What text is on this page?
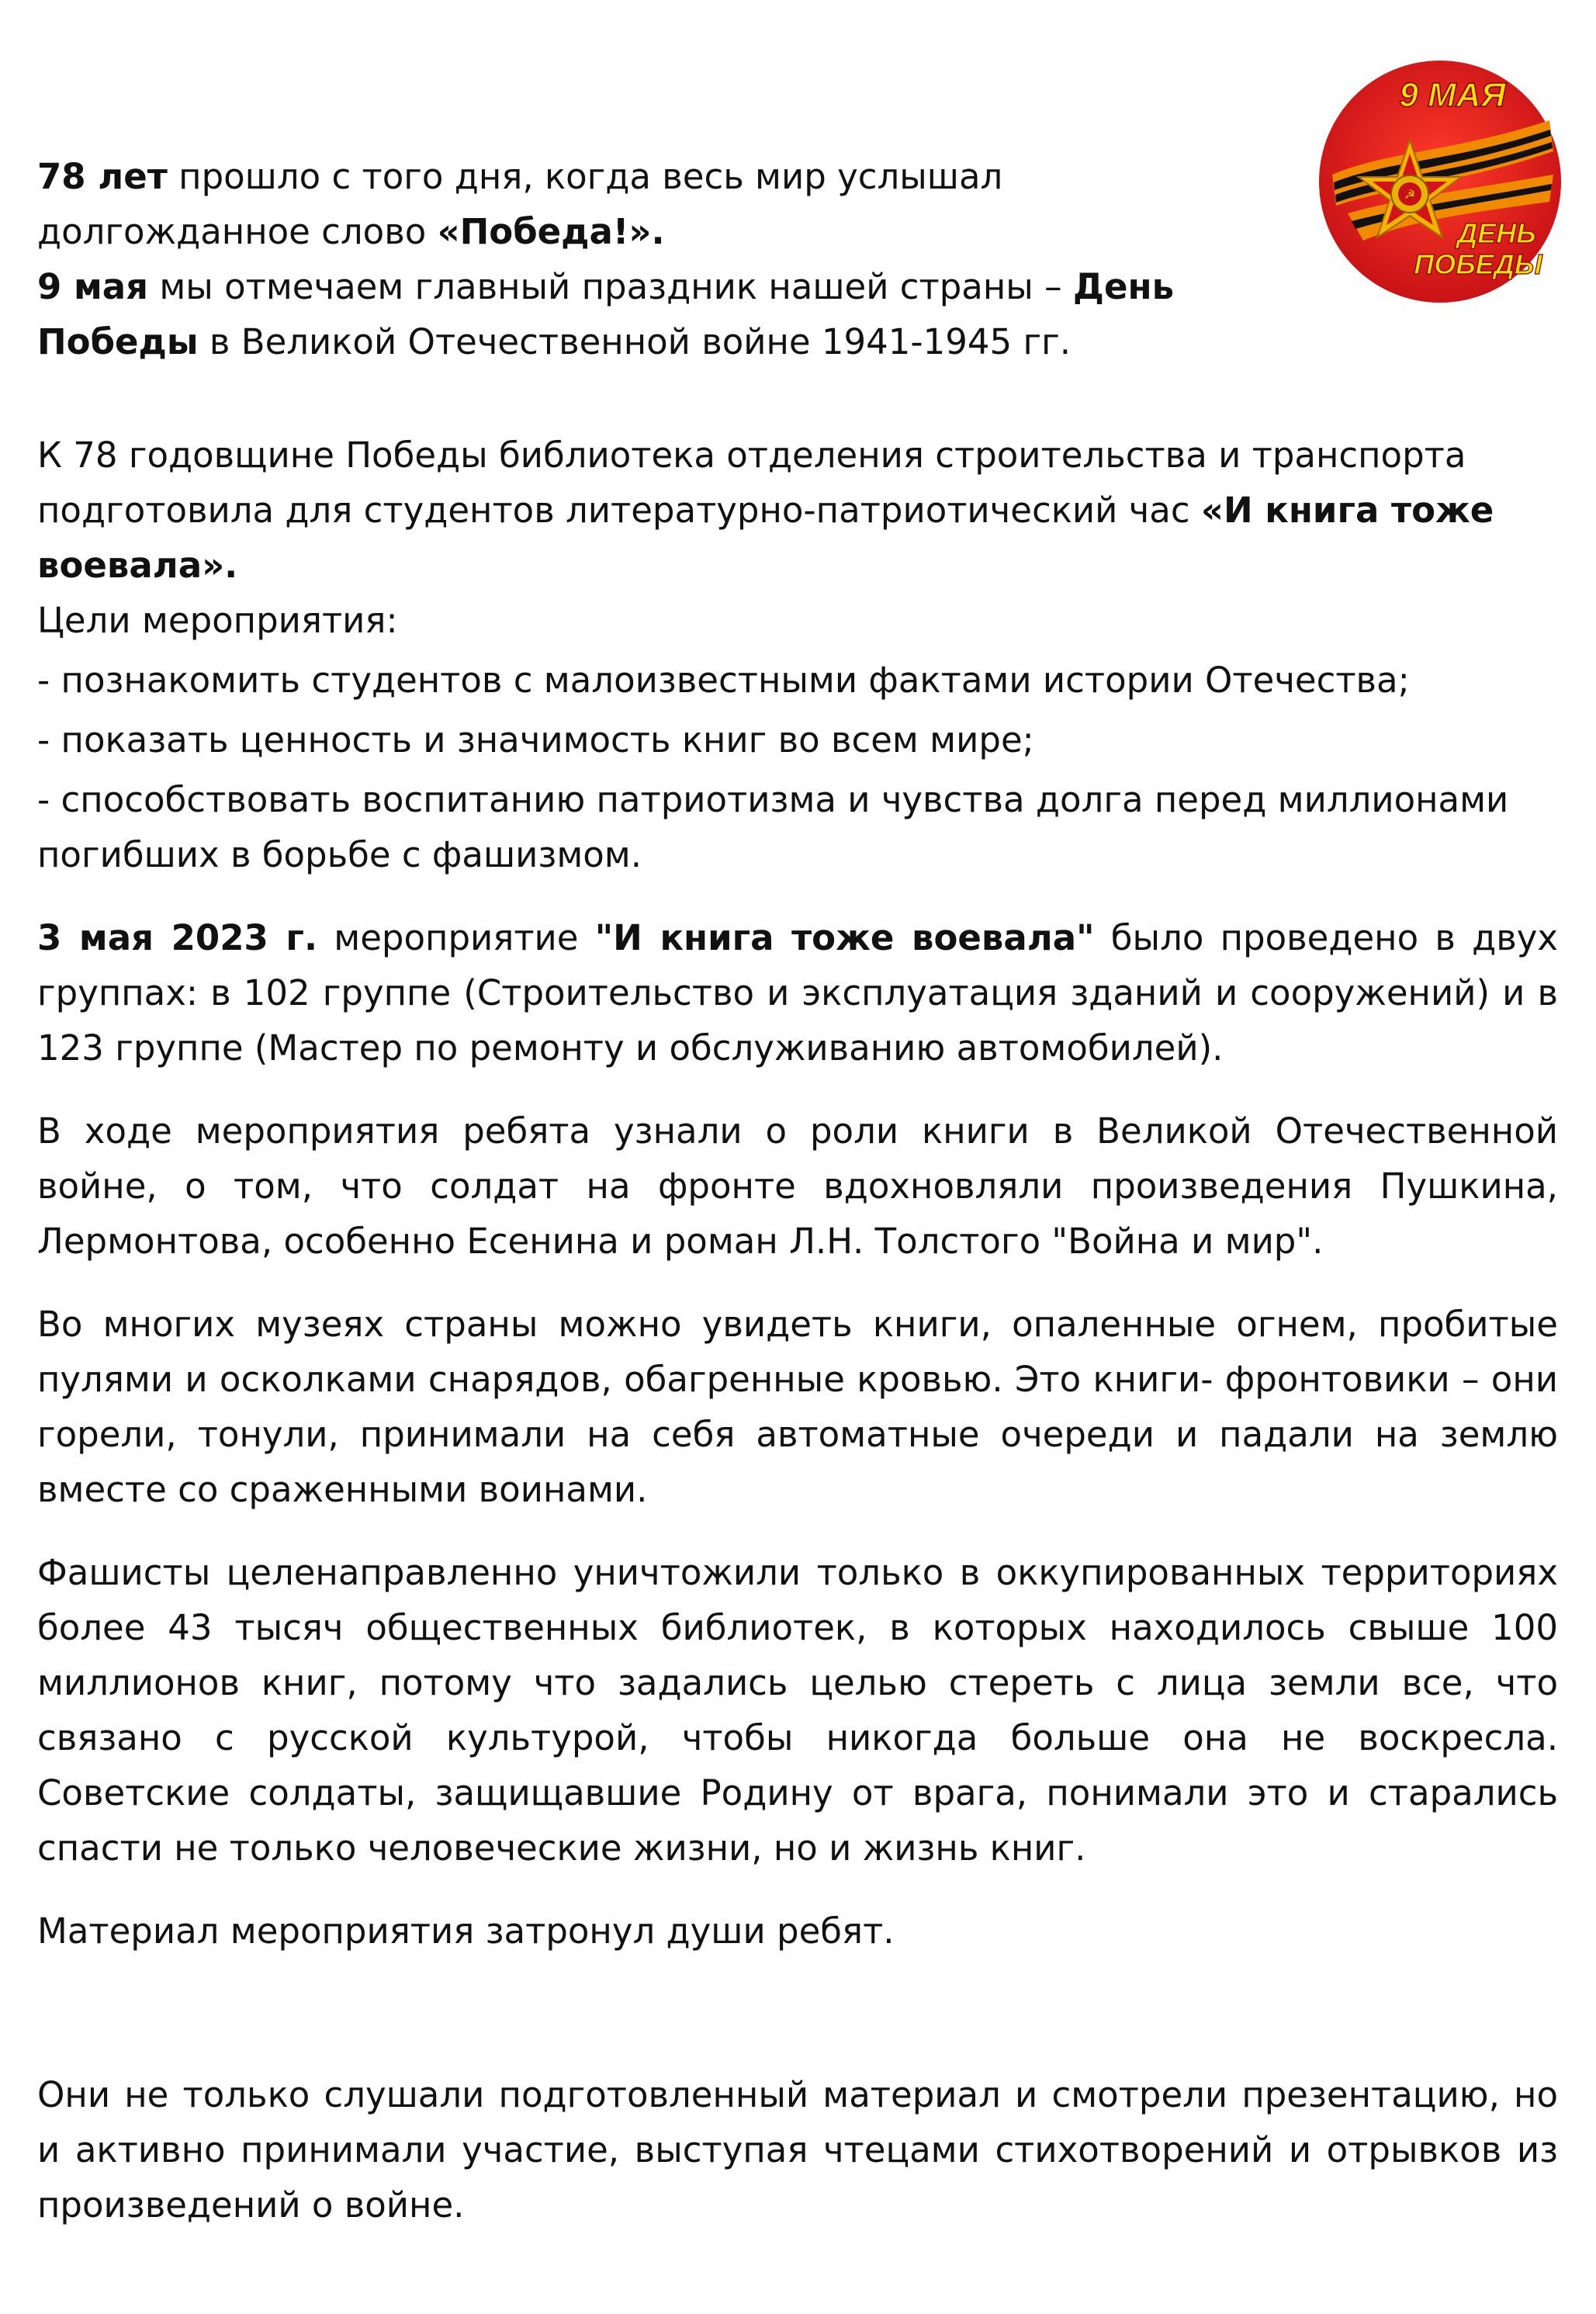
☭
9 МАЯ
ДЕНЬ
ПОБЕДЫ

78 лет прошло с того дня, когда весь мир услышал долгожданное слово «Победа!».

9 мая мы отмечаем главный праздник нашей страны – День Победы в Великой Отечественной войне 1941-1945 гг.

К 78 годовщине Победы библиотека отделения строительства и транспорта подготовила для студентов литературно-патриотический час «И книга тоже воевала».

Цели мероприятия:

- познакомить студентов с малоизвестными фактами истории Отечества;

- показать ценность и значимость книг во всем мире;

- способствовать воспитанию патриотизма и чувства долга перед миллионами погибших в борьбе с фашизмом.

3 мая 2023 г. мероприятие "И книга тоже воевала" было проведено в двух группах: в 102 группе (Строительство и эксплуатация зданий и сооружений) и в 123 группе (Мастер по ремонту и обслуживанию автомобилей).

В ходе мероприятия ребята узнали о роли книги в Великой Отечественной войне, о том, что солдат на фронте вдохновляли произведения Пушкина, Лермонтова, особенно Есенина и роман Л.Н. Толстого "Война и мир".

Во многих музеях страны можно увидеть книги, опаленные огнем, пробитые пулями и осколками снарядов, обагренные кровью. Это книги- фронтовики – они горели, тонули, принимали на себя автоматные очереди и падали на землю вместе со сраженными воинами.

Фашисты целенаправленно уничтожили только в оккупированных территориях более 43 тысяч общественных библиотек, в которых находилось свыше 100 миллионов книг, потому что задались целью стереть с лица земли все, что связано с русской культурой, чтобы никогда больше она не воскресла. Советские солдаты, защищавшие Родину от врага, понимали это и старались спасти не только человеческие жизни, но и жизнь книг.

Материал мероприятия затронул души ребят.

Они не только слушали подготовленный материал и смотрели презентацию, но и активно принимали участие, выступая чтецами стихотворений и отрывков из произведений о войне.
